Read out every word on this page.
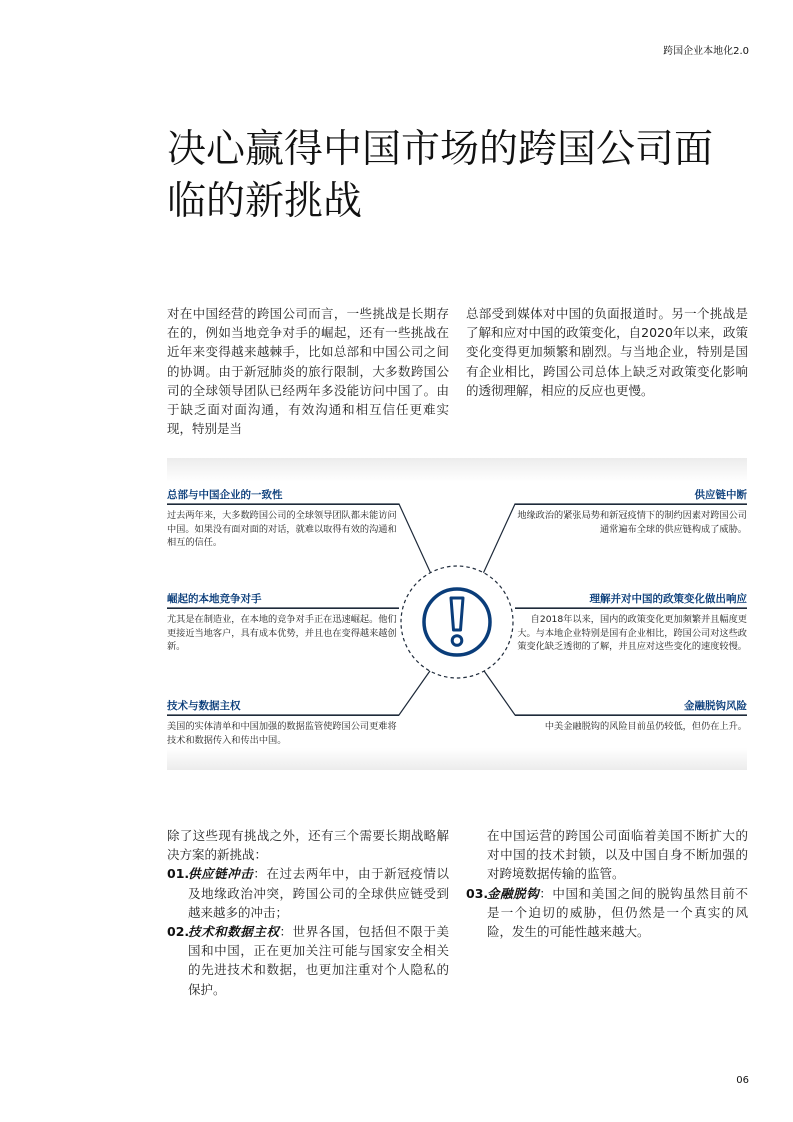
跨国企业本地化2.0
决心赢得中国市场的跨国公司面临的新挑战

对在中国经营的跨国公司而言，一些挑战是长期存在的，例如当地竞争对手的崛起，还有一些挑战在近年来变得越来越棘手，比如总部和中国公司之间的协调。由于新冠肺炎的旅行限制，大多数跨国公司的全球领导团队已经两年多没能访问中国了。由于缺乏面对面沟通，有效沟通和相互信任更难实现，特别是当

总部受到媒体对中国的负面报道时。另一个挑战是了解和应对中国的政策变化，自2020年以来，政策变化变得更加频繁和剧烈。与当地企业，特别是国有企业相比，跨国公司总体上缺乏对政策变化影响的透彻理解，相应的反应也更慢。

总部与中国企业的一致性
过去两年来，大多数跨国公司的全球领导团队都未能访问中国。如果没有面对面的对话，就难以取得有效的沟通和相互的信任。
崛起的本地竞争对手
尤其是在制造业，在本地的竞争对手正在迅速崛起。他们更接近当地客户，具有成本优势，并且也在变得越来越创新。
技术与数据主权
美国的实体清单和中国加强的数据监管使跨国公司更难将技术和数据传入和传出中国。
供应链中断
地缘政治的紧张局势和新冠疫情下的制约因素对跨国公司通常遍布全球的供应链构成了威胁。
理解并对中国的政策变化做出响应
自2018年以来，国内的政策变化更加频繁并且幅度更大。与本地企业特别是国有企业相比，跨国公司对这些政策变化缺乏透彻的了解，并且应对这些变化的速度较慢。
金融脱钩风险
中美金融脱钩的风险目前虽仍较低，但仍在上升。

除了这些现有挑战之外，还有三个需要长期战略解决方案的新挑战：

01.
供应链冲击：在过去两年中，由于新冠疫情以及地缘政治冲突，跨国公司的全球供应链受到越来越多的冲击；
02.
技术和数据主权：世界各国，包括但不限于美国和中国，正在更加关注可能与国家安全相关的先进技术和数据，也更加注重对个人隐私的保护。

在中国运营的跨国公司面临着美国不断扩大的对中国的技术封锁，以及中国自身不断加强的对跨境数据传输的监管。

03.
金融脱钩：中国和美国之间的脱钩虽然目前不是一个迫切的威胁，但仍然是一个真实的风险，发生的可能性越来越大。
06
